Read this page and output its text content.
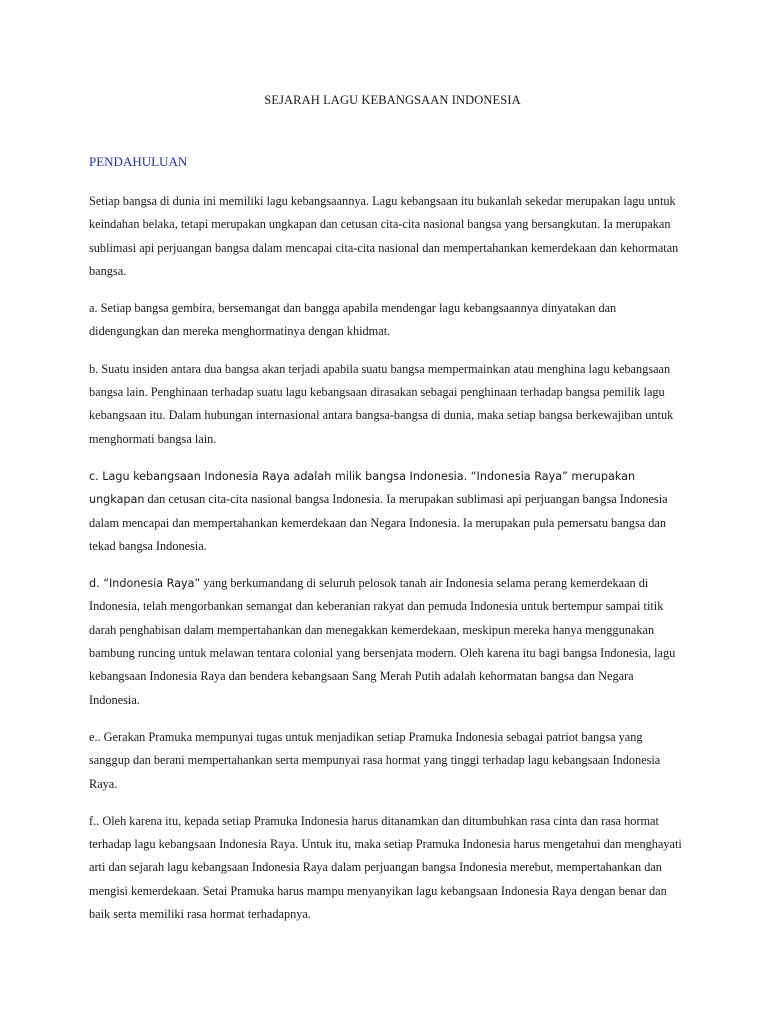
SEJARAH LAGU KEBANGSAAN INDONESIA
PENDAHULUAN

Setiap bangsa di dunia ini memiliki lagu kebangsaannya. Lagu kebangsaan itu bukanlah sekedar merupakan lagu untuk keindahan belaka, tetapi merupakan ungkapan dan cetusan cita-cita nasional bangsa yang bersangkutan. Ia merupakan sublimasi api perjuangan bangsa dalam mencapai cita-cita nasional dan mempertahankan kemerdekaan dan kehormatan bangsa.

a. Setiap bangsa gembira, bersemangat dan bangga apabila mendengar lagu kebangsaannya dinyatakan dan didengungkan dan mereka menghormatinya dengan khidmat.

b. Suatu insiden antara dua bangsa akan terjadi apabila suatu bangsa mempermainkan atau menghina lagu kebangsaan bangsa lain. Penghinaan terhadap suatu lagu kebangsaan dirasakan sebagai penghinaan terhadap bangsa pemilik lagu kebangsaan itu. Dalam hubungan internasional antara bangsa-bangsa di dunia, maka setiap bangsa berkewajiban untuk menghormati bangsa lain.

c. Lagu kebangsaan Indonesia Raya adalah milik bangsa Indonesia. “Indonesia Raya” merupakan ungkapan dan cetusan cita-cita nasional bangsa Indonesia. Ia merupakan sublimasi api perjuangan bangsa Indonesia dalam mencapai dan mempertahankan kemerdekaan dan Negara Indonesia. Ia merupakan pula pemersatu bangsa dan tekad bangsa Indonesia.

d. “Indonesia Raya” yang berkumandang di seluruh pelosok tanah air Indonesia selama perang kemerdekaan di Indonesia, telah mengorbankan semangat dan keberanian rakyat dan pemuda Indonesia untuk bertempur sampai titik darah penghabisan dalam mempertahankan dan menegakkan kemerdekaan, meskipun mereka hanya menggunakan bambung runcing untuk melawan tentara colonial yang bersenjata modern. Oleh karena itu bagi bangsa Indonesia, lagu kebangsaan Indonesia Raya dan bendera kebangsaan Sang Merah Putih adalah kehormatan bangsa dan Negara Indonesia.

e.. Gerakan Pramuka mempunyai tugas untuk menjadikan setiap Pramuka Indonesia sebagai patriot bangsa yang sanggup dan berani mempertahankan serta mempunyai rasa hormat yang tinggi terhadap lagu kebangsaan Indonesia Raya.

f.. Oleh karena itu, kepada setiap Pramuka Indonesia harus ditanamkan dan ditumbuhkan rasa cinta dan rasa hormat terhadap lagu kebangsaan Indonesia Raya. Untuk itu, maka setiap Pramuka Indonesia harus mengetahui dan menghayati arti dan sejarah lagu kebangsaan Indonesia Raya dalam perjuangan bangsa Indonesia merebut, mempertahankan dan mengisi kemerdekaan. Setai Pramuka harus mampu menyanyikan lagu kebangsaan Indonesia Raya dengan benar dan baik serta memiliki rasa hormat terhadapnya.
